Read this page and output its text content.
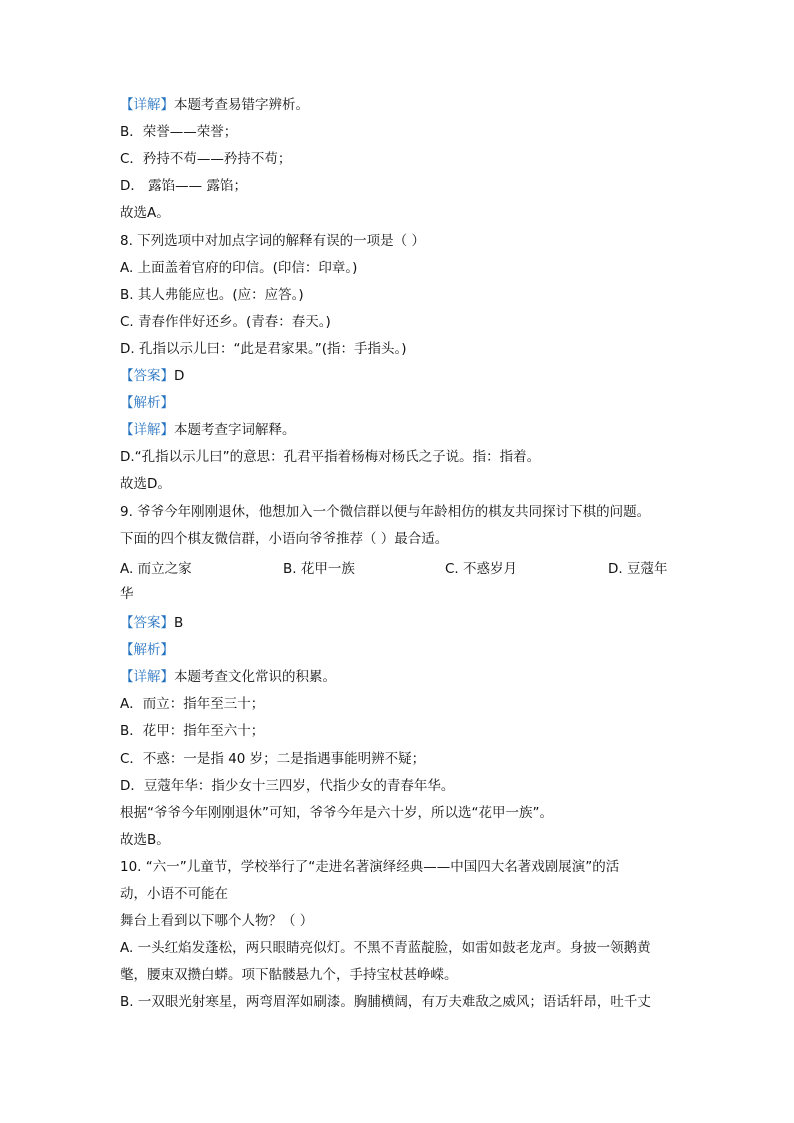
【详解】本题考查易错字辨析。
B．荣誉——荣誉；
C．矜持不苟——矜持不苟；
D． 露馅—— 露馅；
故选A。
8. 下列选项中对加点字词的解释有误的一项是（ ）
A. 上面盖着官府的印信。(印信：印章。)
B. 其人弗能应也。(应：应答。)
C. 青春作伴好还乡。(青春：春天。)
D. 孔指以示儿曰：“此是君家果。”(指：手指头。)
【答案】D
【解析】
【详解】本题考查字词解释。
D.“孔指以示儿曰”的意思：孔君平指着杨梅对杨氏之子说。指：指着。
故选D。
9. 爷爷今年刚刚退休，他想加入一个微信群以便与年龄相仿的棋友共同探讨下棋的问题。
下面的四个棋友微信群，小语向爷爷推荐（ ）最合适。
A. 而立之家	B. 花甲一族	C. 不惑岁月	D. 豆蔻年
华
【答案】B
【解析】
【详解】本题考查文化常识的积累。
A．而立：指年至三十；
B．花甲：指年至六十；
C．不惑：一是指 40 岁；二是指遇事能明辨不疑；
D．豆蔻年华：指少女十三四岁，代指少女的青春年华。
根据“爷爷今年刚刚退休”可知，爷爷今年是六十岁，所以选“花甲一族”。
故选B。
10. “六一”儿童节，学校举行了“走进名著演绎经典——中国四大名著戏剧展演”的活
动，小语不可能在
舞台上看到以下哪个人物？（ ）
A. 一头红焰发蓬松，两只眼睛亮似灯。不黑不青蓝靛脸，如雷如鼓老龙声。身披一领鹅黄
氅，腰束双攒白蟒。项下骷髅悬九个，手持宝杖甚峥嵘。
B. 一双眼光射寒星，两弯眉浑如刷漆。胸脯横阔，有万夫难敌之威风；语话轩昂，吐千丈
